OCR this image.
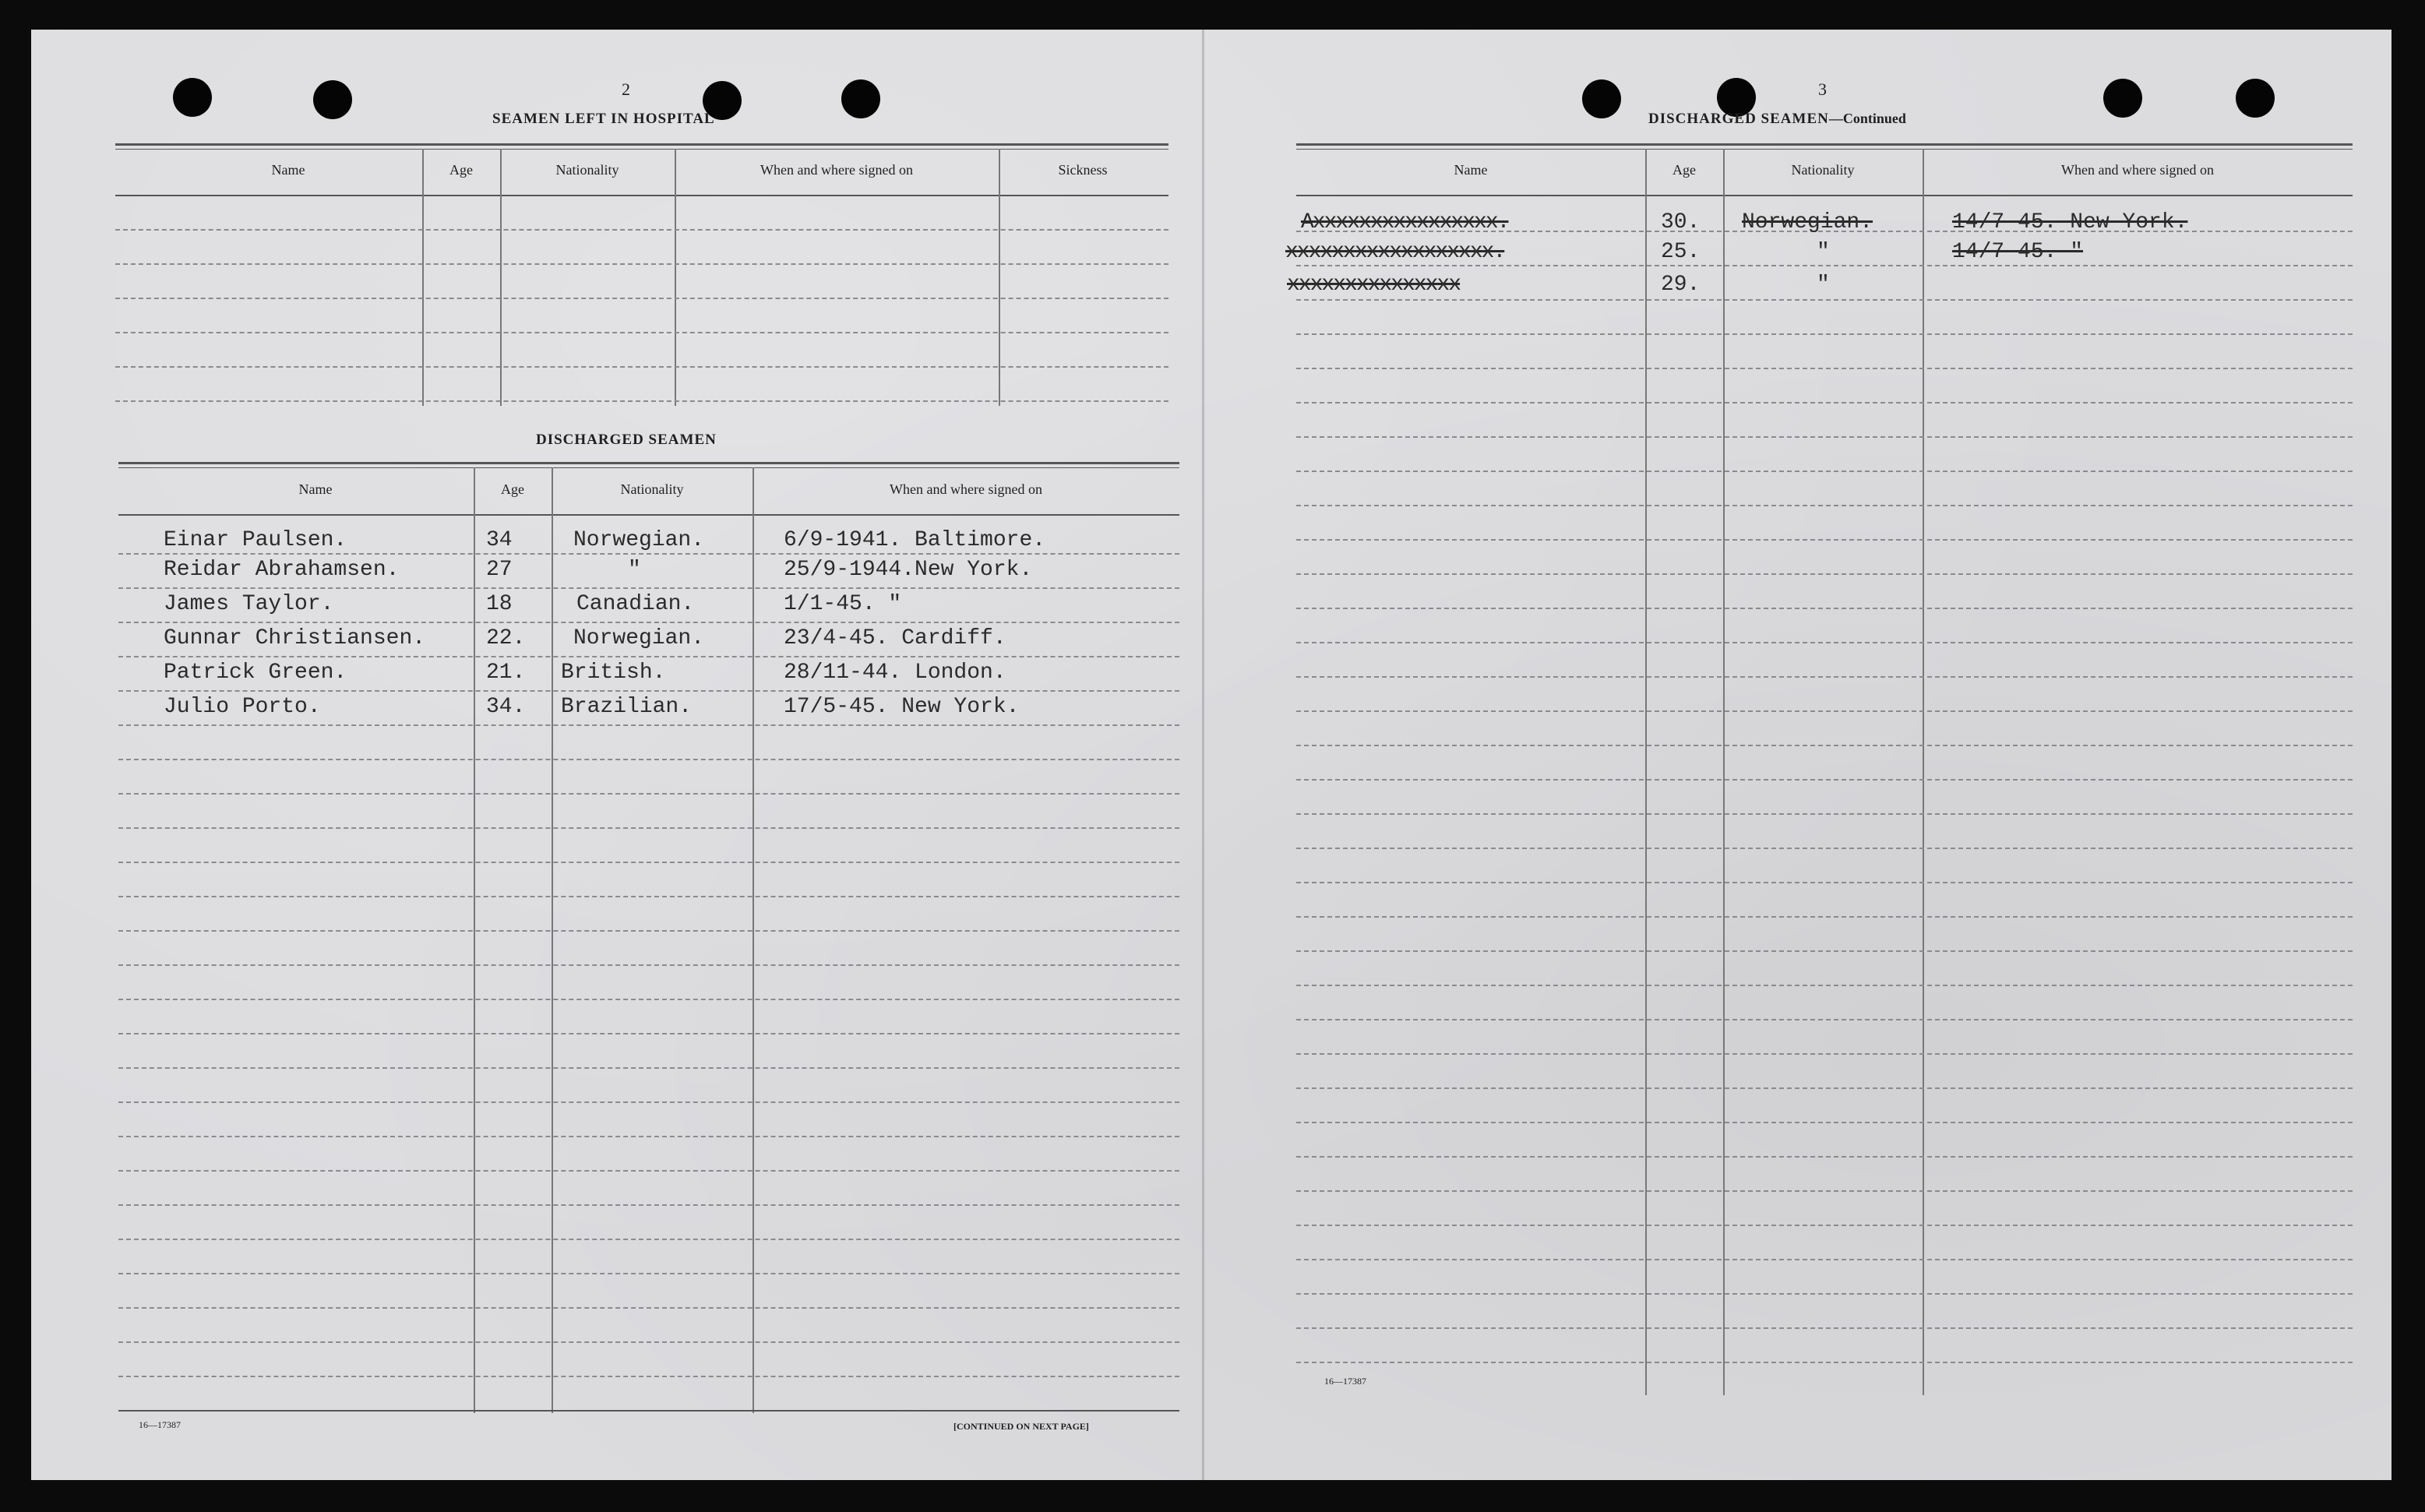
2
SEAMEN LEFT IN HOSPITAL
Name	Age	Nationality	When and where signed on	Sickness
DISCHARGED SEAMEN
Name	Age	Nationality	When and where signed on
Einar Paulsen.	34	Norwegian.	6/9-1941. Baltimore.
Reidar Abrahamsen.	27	"	25/9-1944.New York.
James Taylor.	18	Canadian.	1/1-45. "
Gunnar Christiansen.	22. Norwegian.	23/4-45. Cardiff.
Patrick Green.	21. British.	28/11-44. London.
Julio Porto.	34. Brazilian.	17/5-45. New York.
16—17387	[CONTINUED ON NEXT PAGE]
3
DISCHARGED SEAMEN—Continued
Name	Age	Nationality	When and where signed on
Axxxxxxxxxxxxxxxx.	30. Norwegian.	14/7-45. New York.
xxxxxxxxxxxxxxxxxx.	25.	"	14/7-45. "
xxxxxxxxxxxxxxx	29.	"
16—17387
